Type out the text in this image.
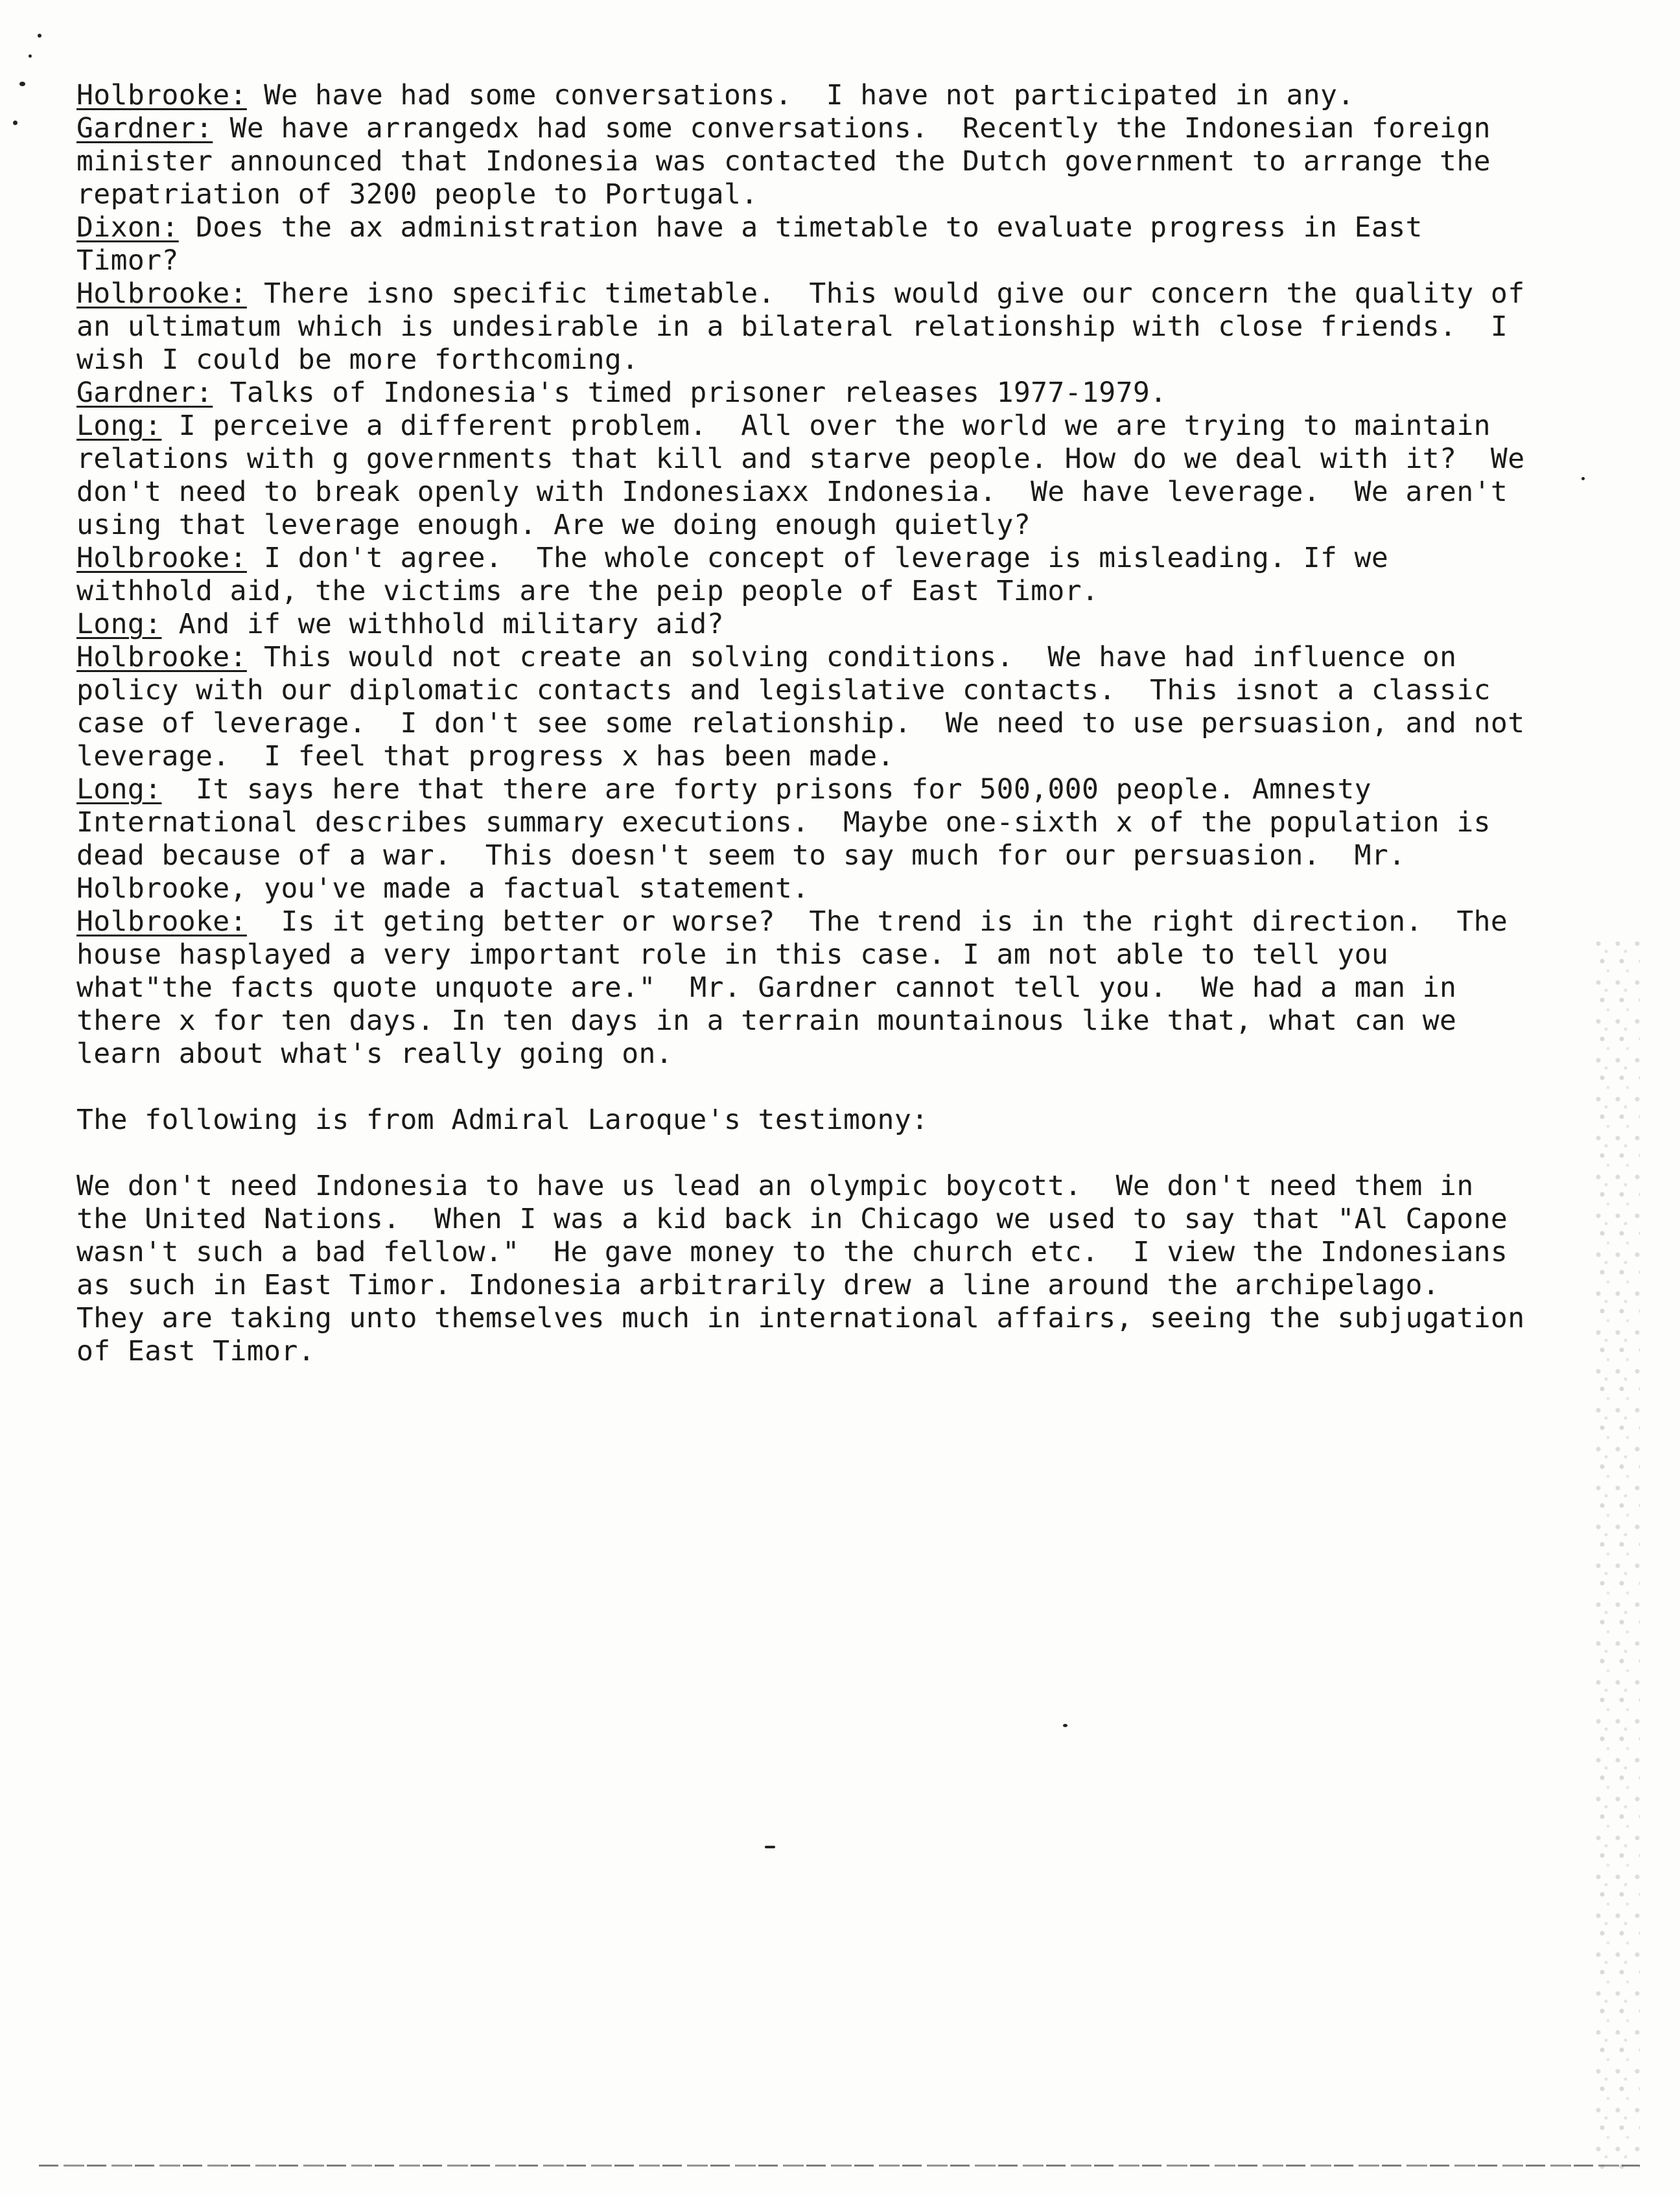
Holbrooke: We have had some conversations.  I have not participated in any.

Gardner: We have arrangedx had some conversations.  Recently the Indonesian foreign minister announced that Indonesia was contacted the Dutch government to arrange the repatriation of 3200 people to Portugal.

Dixon: Does the ax administration have a timetable to evaluate progress in East Timor?

Holbrooke: There isno specific timetable.  This would give our concern the quality of an ultimatum which is undesirable in a bilateral relationship with close friends.  I wish I could be more forthcoming.

Gardner: Talks of Indonesia's timed prisoner releases 1977-1979.

Long: I perceive a different problem.  All over the world we are trying to maintain relations with g governments that kill and starve people. How do we deal with it?  We don't need to break openly with Indonesiaxx Indonesia.  We have leverage.  We aren't using that leverage enough. Are we doing enough quietly?

Holbrooke: I don't agree.  The whole concept of leverage is misleading. If we withhold aid, the victims are the peip people of East Timor.

Long: And if we withhold military aid?

Holbrooke: This would not create an solving conditions.  We have had influence on policy with our diplomatic contacts and legislative contacts.  This isnot a classic case of leverage.  I don't see some relationship.  We need to use persuasion, and not leverage.  I feel that progress x has been made.

Long:  It says here that there are forty prisons for 500,000 people. Amnesty International describes summary executions.  Maybe one-sixth x of the population is dead because of a war.  This doesn't seem to say much for our persuasion.  Mr. Holbrooke, you've made a factual statement.

Holbrooke:  Is it geting better or worse?  The trend is in the right direction.  The house hasplayed a very important role in this case. I am not able to tell you what"the facts quote unquote are."  Mr. Gardner cannot tell you.  We had a man in there x for ten days. In ten days in a terrain mountainous like that, what can we learn about what's really going on.

The following is from Admiral Laroque's testimony:

We don't need Indonesia to have us lead an olympic boycott.  We don't need them in the United Nations.  When I was a kid back in Chicago we used to say that "Al Capone wasn't such a bad fellow."  He gave money to the church etc.  I view the Indonesians as such in East Timor. Indonesia arbitrarily drew a line around the archipelago.  They are taking unto themselves much in international affairs, seeing the subjugation of East Timor.
